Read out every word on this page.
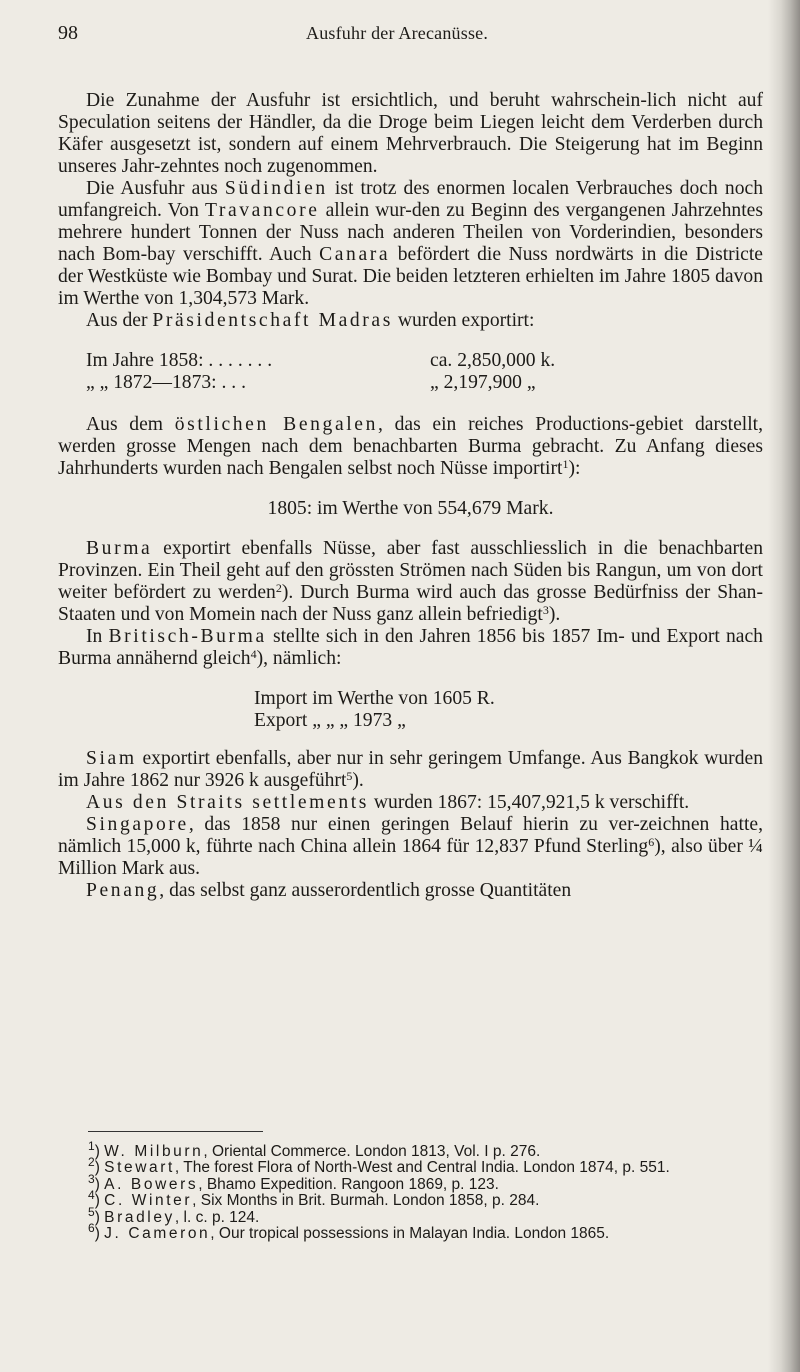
98	Ausfuhr der Arecanüsse.

Die Zunahme der Ausfuhr ist ersichtlich, und beruht wahrschein-lich nicht auf Speculation seitens der Händler, da die Droge beim Liegen leicht dem Verderben durch Käfer ausgesetzt ist, sondern auf einem Mehrverbrauch. Die Steigerung hat im Beginn unseres Jahr-zehntes noch zugenommen.

Die Ausfuhr aus Südindien ist trotz des enormen localen Verbrauches doch noch umfangreich. Von Travancore allein wur-den zu Beginn des vergangenen Jahrzehntes mehrere hundert Tonnen der Nuss nach anderen Theilen von Vorderindien, besonders nach Bom-bay verschifft. Auch Canara befördert die Nuss nordwärts in die Districte der Westküste wie Bombay und Surat. Die beiden letzteren erhielten im Jahre 1805 davon im Werthe von 1,304,573 Mark.

Aus der Präsidentschaft Madras wurden exportirt:

Im Jahre 1858: . . . . . . .	ca. 2,850,000 k.
„ „ 1872—1873: . . .	„ 2,197,900 „

Aus dem östlichen Bengalen, das ein reiches Productions-gebiet darstellt, werden grosse Mengen nach dem benachbarten Burma gebracht. Zu Anfang dieses Jahrhunderts wurden nach Bengalen selbst noch Nüsse importirt$^1$):

1805: im Werthe von 554,679 Mark.

Burma exportirt ebenfalls Nüsse, aber fast ausschliesslich in die benachbarten Provinzen. Ein Theil geht auf den grössten Strömen nach Süden bis Rangun, um von dort weiter befördert zu werden$^2$). Durch Burma wird auch das grosse Bedürfniss der Shan-Staaten und von Momein nach der Nuss ganz allein befriedigt$^3$).

In Britisch-Burma stellte sich in den Jahren 1856 bis 1857 Im- und Export nach Burma annähernd gleich$^4$), nämlich:

Import im Werthe von 1605 R.
Export „ „ „ 1973 „

Siam exportirt ebenfalls, aber nur in sehr geringem Umfange. Aus Bangkok wurden im Jahre 1862 nur 3926 k ausgeführt$^5$).

Aus den Straits settlements wurden 1867: 15,407,921,5 k verschifft.

Singapore, das 1858 nur einen geringen Belauf hierin zu ver-zeichnen hatte, nämlich 15,000 k, führte nach China allein 1864 für 12,837 Pfund Sterling$^6$), also über ¼ Million Mark aus.

Penang, das selbst ganz ausserordentlich grosse Quantitäten

$^1$) W. Milburn, Oriental Commerce. London 1813, Vol. I p. 276.

$^2$) Stewart, The forest Flora of North-West and Central India. London 1874, p. 551.

$^3$) A. Bowers, Bhamo Expedition. Rangoon 1869, p. 123.

$^4$) C. Winter, Six Months in Brit. Burmah. London 1858, p. 284.

$^5$) Bradley, l. c. p. 124.

$^6$) J. Cameron, Our tropical possessions in Malayan India. London 1865.
